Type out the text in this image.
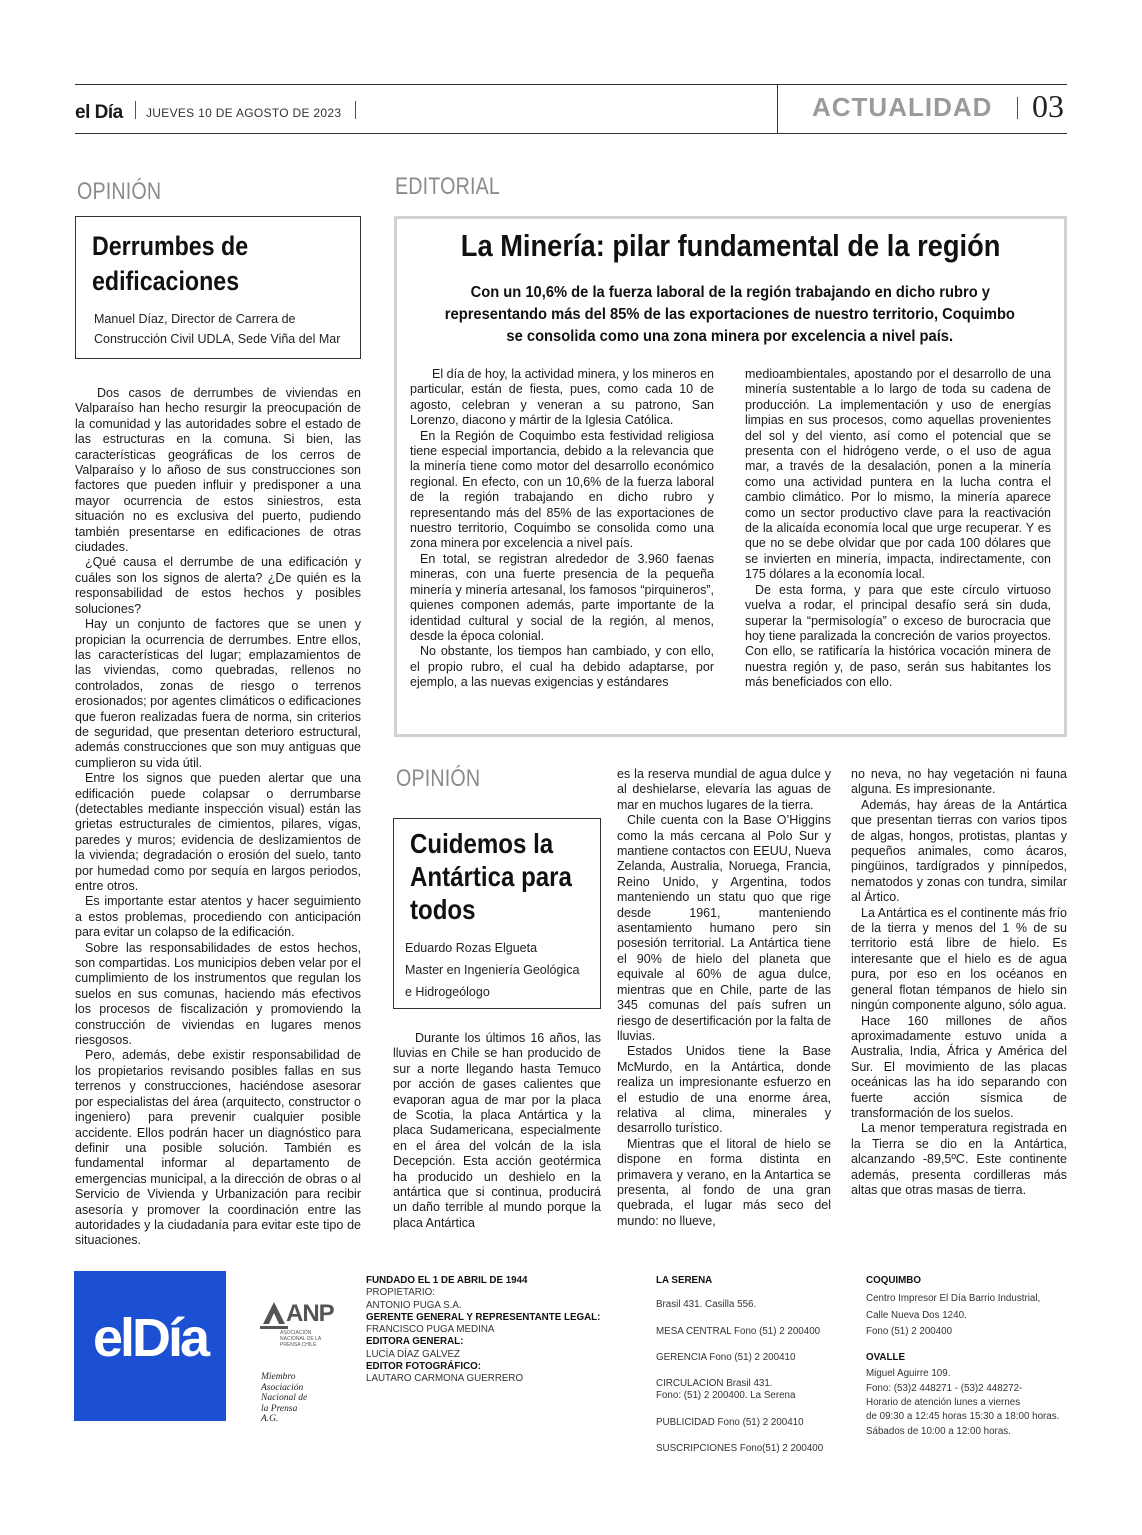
el Día JUEVES 10 DE AGOSTO DE 2023	ACTUALIDAD 03
OPINIÓN
Derrumbes de
edificaciones
Manuel Díaz, Director de Carrera de
Construcción Civil UDLA, Sede Viña del Mar

Dos casos de derrumbes de viviendas en Valparaíso han hecho resurgir la preocupación de la comunidad y las autoridades sobre el estado de las estructuras en la comuna. Si bien, las características geográficas de los cerros de Valparaíso y lo añoso de sus construcciones son factores que pueden influir y predisponer a una mayor ocurrencia de estos siniestros, esta situación no es exclusiva del puerto, pudiendo también presentarse en edificaciones de otras ciudades.

¿Qué causa el derrumbe de una edificación y cuáles son los signos de alerta? ¿De quién es la responsabilidad de estos hechos y posibles soluciones?

Hay un conjunto de factores que se unen y propician la ocurrencia de derrumbes. Entre ellos, las características del lugar; emplazamientos de las viviendas, como quebradas, rellenos no controlados, zonas de riesgo o terrenos erosionados; por agentes climáticos o edificaciones que fueron realizadas fuera de norma, sin criterios de seguridad, que presentan deterioro estructural, además construcciones que son muy antiguas que cumplieron su vida útil.

Entre los signos que pueden alertar que una edificación puede colapsar o derrumbarse (detectables mediante inspección visual) están las grietas estructurales de cimientos, pilares, vigas, paredes y muros; evidencia de deslizamientos de la vivienda; degradación o erosión del suelo, tanto por humedad como por sequía en largos periodos, entre otros.

Es importante estar atentos y hacer seguimiento a estos problemas, procediendo con anticipación para evitar un colapso de la edificación.

Sobre las responsabilidades de estos hechos, son compartidas. Los municipios deben velar por el cumplimiento de los instrumentos que regulan los suelos en sus comunas, haciendo más efectivos los procesos de fiscalización y promoviendo la construcción de viviendas en lugares menos riesgosos.

Pero, además, debe existir responsabilidad de los propietarios revisando posibles fallas en sus terrenos y construcciones, haciéndose asesorar por especialistas del área (arquitecto, constructor o ingeniero) para prevenir cualquier posible accidente. Ellos podrán hacer un diagnóstico para definir una posible solución. También es fundamental informar al departamento de emergencias municipal, a la dirección de obras o al Servicio de Vivienda y Urbanización para recibir asesoría y promover la coordinación entre las autoridades y la ciudadanía para evitar este tipo de situaciones.

EDITORIAL
La Minería: pilar fundamental de la región
Con un 10,6% de la fuerza laboral de la región trabajando en dicho rubro y
representando más del 85% de las exportaciones de nuestro territorio, Coquimbo
se consolida como una zona minera por excelencia a nivel país.

El día de hoy, la actividad minera, y los mineros en particular, están de fiesta, pues, como cada 10 de agosto, celebran y veneran a su patrono, San Lorenzo, diacono y mártir de la Iglesia Católica.

En la Región de Coquimbo esta festividad religiosa tiene especial importancia, debido a la relevancia que la minería tiene como motor del desarrollo económico regional. En efecto, con un 10,6% de la fuerza laboral de la región trabajando en dicho rubro y representando más del 85% de las exportaciones de nuestro territorio, Coquimbo se consolida como una zona minera por excelencia a nivel país.

En total, se registran alrededor de 3.960 faenas mineras, con una fuerte presencia de la pequeña minería y minería artesanal, los famosos “pirquineros”, quienes componen además, parte importante de la identidad cultural y social de la región, al menos, desde la época colonial.

No obstante, los tiempos han cambiado, y con ello, el propio rubro, el cual ha debido adaptarse, por ejemplo, a las nuevas exigencias y estándares

medioambientales, apostando por el desarrollo de una minería sustentable a lo largo de toda su cadena de producción. La implementación y uso de energías limpias en sus procesos, como aquellas provenientes del sol y del viento, así como el potencial que se presenta con el hidrógeno verde, o el uso de agua mar, a través de la desalación, ponen a la minería como una actividad puntera en la lucha contra el cambio climático. Por lo mismo, la minería aparece como un sector productivo clave para la reactivación de la alicaída economía local que urge recuperar. Y es que no se debe olvidar que por cada 100 dólares que se invierten en minería, impacta, indirectamente, con 175 dólares a la economía local.

De esta forma, y para que este círculo virtuoso vuelva a rodar, el principal desafío será sin duda, superar la “permisología” o exceso de burocracia que hoy tiene paralizada la concreción de varios proyectos. Con ello, se ratificaría la histórica vocación minera de nuestra región y, de paso, serán sus habitantes los más beneficiados con ello.

OPINIÓN
Cuidemos la
Antártica para
todos
Eduardo Rozas Elgueta
Master en Ingeniería Geológica
e Hidrogeólogo

Durante los últimos 16 años, las lluvias en Chile se han producido de sur a norte llegando hasta Temuco por acción de gases calientes que evaporan agua de mar por la placa de Scotia, la placa Antártica y la placa Sudamericana, especialmente en el área del volcán de la isla Decepción. Esta acción geotérmica ha producido un deshielo en la antártica que si continua, producirá un daño terrible al mundo porque la placa Antártica

es la reserva mundial de agua dulce y al deshielarse, elevaría las aguas de mar en muchos lugares de la tierra.

Chile cuenta con la Base O’Higgins como la más cercana al Polo Sur y mantiene contactos con EEUU, Nueva Zelanda, Australia, Noruega, Francia, Reino Unido, y Argentina, todos manteniendo un statu quo que rige desde 1961, manteniendo asentamiento humano pero sin posesión territorial. La Antártica tiene el 90% de hielo del planeta que equivale al 60% de agua dulce, mientras que en Chile, parte de las 345 comunas del país sufren un riesgo de desertificación por la falta de lluvias.

Estados Unidos tiene la Base McMurdo, en la Antártica, donde realiza un impresionante esfuerzo en el estudio de una enorme área, relativa al clima, minerales y desarrollo turístico.

Mientras que el litoral de hielo se dispone en forma distinta en primavera y verano, en la Antartica se presenta, al fondo de una gran quebrada, el lugar más seco del mundo: no llueve,

no neva, no hay vegetación ni fauna alguna. Es impresionante.

Además, hay áreas de la Antártica que presentan tierras con varios tipos de algas, hongos, protistas, plantas y pequeños animales, como ácaros, pingüinos, tardígrados y pinnípedos, nematodos y zonas con tundra, similar al Ártico.

La Antártica es el continente más frío de la tierra y menos del 1 % de su territorio está libre de hielo. Es interesante que el hielo es de agua pura, por eso en los océanos en general flotan témpanos de hielo sin ningún componente alguno, sólo agua.

Hace 160 millones de años aproximadamente estuvo unida a Australia, India, África y América del Sur. El movimiento de las placas oceánicas las ha ido separando con fuerte acción sísmica de transformación de los suelos.

La menor temperatura registrada en la Tierra se dio en la Antártica, alcanzando -89,5ºC. Este continente además, presenta cordilleras más altas que otras masas de tierra.

elDía	ANP
ASOCIACIÓN NACIONAL DE LA PRENSA CHILE
Miembro
Asociación
Nacional de
la Prensa
A.G.
FUNDADO EL 1 DE ABRIL DE 1944
PROPIETARIO:
ANTONIO PUGA S.A.
GERENTE GENERAL Y REPRESENTANTE LEGAL:
FRANCISCO PUGA MEDINA
EDITORA GENERAL:
LUCÍA DÍAZ GALVEZ
EDITOR FOTOGRÁFICO:
LAUTARO CARMONA GUERRERO
LA SERENA
Brasil 431. Casilla 556.
MESA CENTRAL Fono (51) 2 200400
GERENCIA Fono (51) 2 200410
CIRCULACION Brasil 431.
Fono: (51) 2 200400. La Serena
PUBLICIDAD Fono (51) 2 200410
SUSCRIPCIONES Fono(51) 2 200400
COQUIMBO
Centro Impresor El Día Barrio Industrial,
Calle Nueva Dos 1240.
Fono (51) 2 200400
OVALLE
Miguel Aguirre 109.
Fono: (53)2 448271 - (53)2 448272-
Horario de atención lunes a viernes
de 09:30 a 12:45 horas 15:30 a 18:00 horas.
Sábados de 10:00 a 12:00 horas.
